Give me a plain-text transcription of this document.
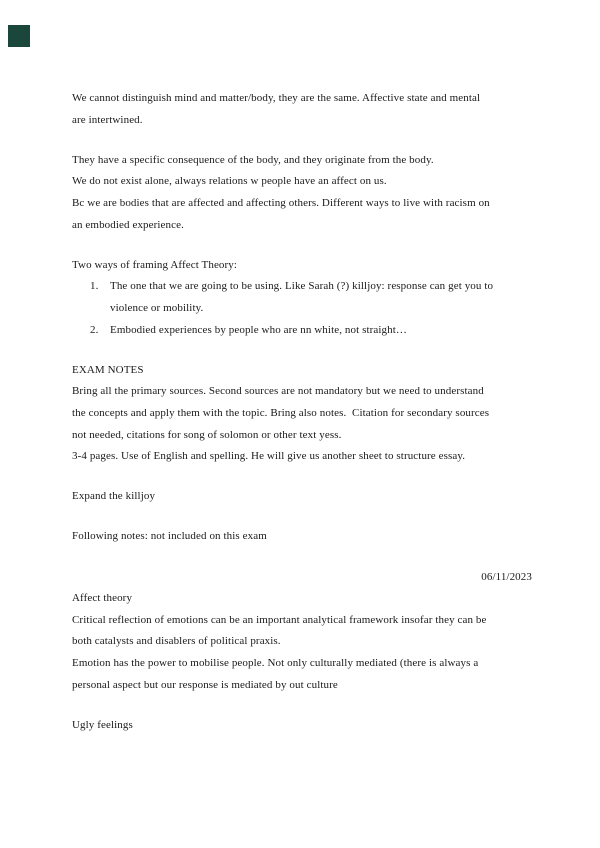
We cannot distinguish mind and matter/body, they are the same. Affective state and mental
are intertwined.
They have a specific consequence of the body, and they originate from the body.
We do not exist alone, always relations w people have an affect on us.
Bc we are bodies that are affected and affecting others. Different ways to live with racism on
an embodied experience.
Two ways of framing Affect Theory:
1.	The one that we are going to be using. Like Sarah (?) killjoy: response can get you to
violence or mobility.
2.	Embodied experiences by people who are nn white, not straight…
EXAM NOTES
Bring all the primary sources. Second sources are not mandatory but we need to understand
the concepts and apply them with the topic. Bring also notes.  Citation for secondary sources
not needed, citations for song of solomon or other text yess.
3-4 pages. Use of English and spelling. He will give us another sheet to structure essay.
Expand the killjoy
Following notes: not included on this exam
06/11/2023
Affect theory
Critical reflection of emotions can be an important analytical framework insofar they can be
both catalysts and disablers of political praxis.
Emotion has the power to mobilise people. Not only culturally mediated (there is always a
personal aspect but our response is mediated by out culture
Ugly feelings
